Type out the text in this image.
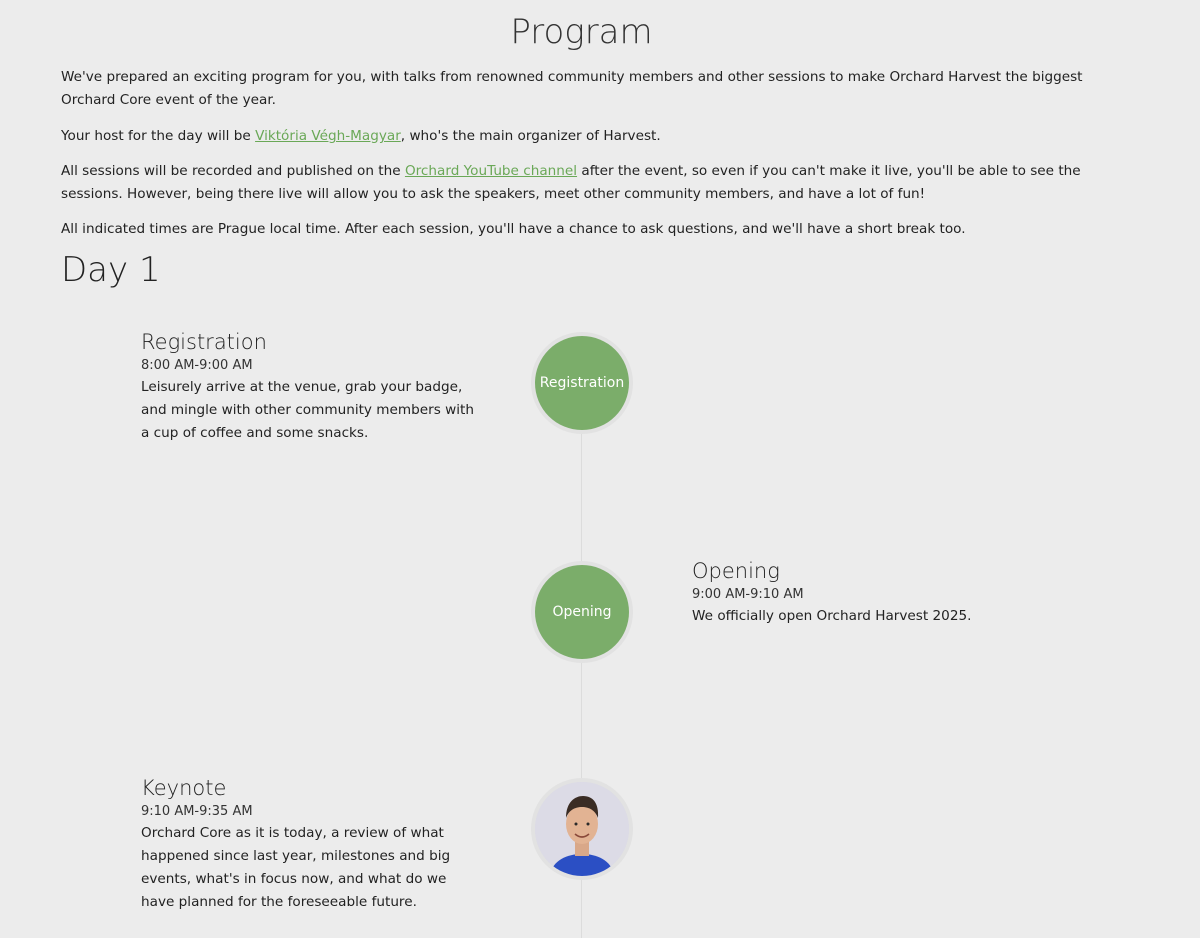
Program

We've prepared an exciting program for you, with talks from renowned community members and other sessions to make Orchard Harvest the biggest Orchard Core event of the year.

Your host for the day will be Viktória Végh-Magyar, who's the main organizer of Harvest.

All sessions will be recorded and published on the Orchard YouTube channel after the event, so even if you can't make it live, you'll be able to see the sessions. However, being there live will allow you to ask the speakers, meet other community members, and have a lot of fun!

All indicated times are Prague local time. After each session, you'll have a chance to ask questions, and we'll have a short break too.

Day 1
Registration
8:00 AM-9:00 AM
Leisurely arrive at the venue, grab your badge, and mingle with other community members with a cup of coffee and some snacks.
Registration
Opening
Opening
9:00 AM-9:10 AM
We officially open Orchard Harvest 2025.
Keynote
9:10 AM-9:35 AM
Orchard Core as it is today, a review of what happened since last year, milestones and big events, what's in focus now, and what do we have planned for the foreseeable future.
